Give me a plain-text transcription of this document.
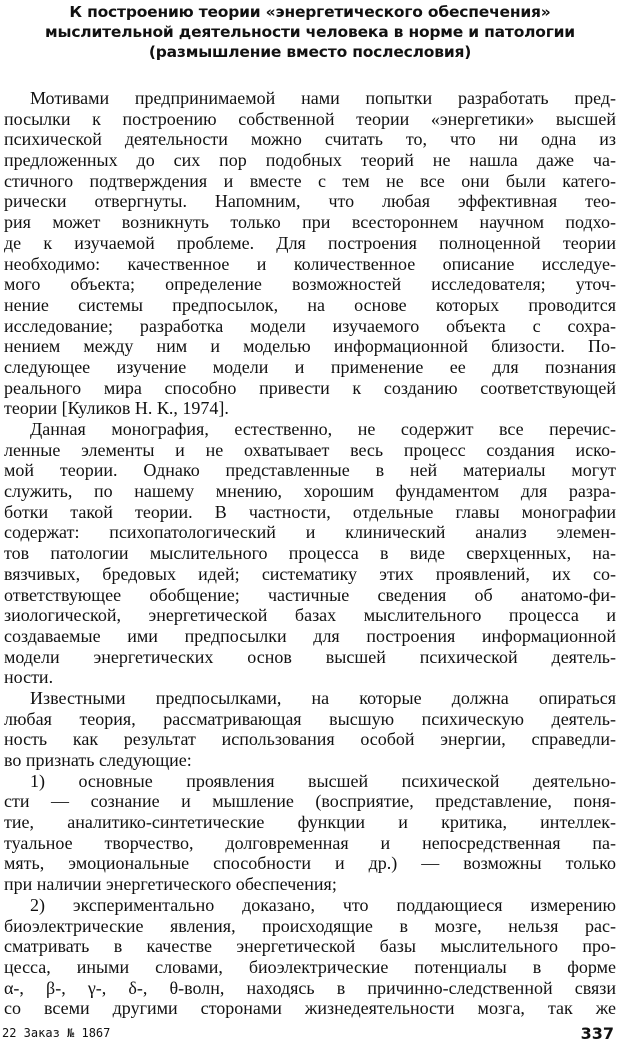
К построению теории «энергетического обеспечения»
мыслительной деятельности человека в норме и патологии
(размышление вместо послесловия)
Мотивами предпринимаемой нами попытки разработать пред-
посылки к построению собственной теории «энергетики» высшей
психической деятельности можно считать то, что ни одна из
предложенных до сих пор подобных теорий не нашла даже ча-
стичного подтверждения и вместе с тем не все они были катего-
рически отвергнуты. Напомним, что любая эффективная тео-
рия может возникнуть только при всестороннем научном подхо-
де к изучаемой проблеме. Для построения полноценной теории
необходимо: качественное и количественное описание исследуе-
мого объекта; определение возможностей исследователя; уточ-
нение системы предпосылок, на основе которых проводится
исследование; разработка модели изучаемого объекта с сохра-
нением между ним и моделью информационной близости. По-
следующее изучение модели и применение ее для познания
реального мира способно привести к созданию соответствующей
теории [Куликов Н. К., 1974].
Данная монография, естественно, не содержит все перечис-
ленные элементы и не охватывает весь процесс создания иско-
мой теории. Однако представленные в ней материалы могут
служить, по нашему мнению, хорошим фундаментом для разра-
ботки такой теории. В частности, отдельные главы монографии
содержат: психопатологический и клинический анализ элемен-
тов патологии мыслительного процесса в виде сверхценных, на-
вязчивых, бредовых идей; систематику этих проявлений, их со-
ответствующее обобщение; частичные сведения об анатомо-фи-
зиологической, энергетической базах мыслительного процесса и
создаваемые ими предпосылки для построения информационной
модели энергетических основ высшей психической деятель-
ности.
Известными предпосылками, на которые должна опираться
любая теория, рассматривающая высшую психическую деятель-
ность как результат использования особой энергии, справедли-
во признать следующие:
1) основные проявления высшей психической деятельно-
сти — сознание и мышление (восприятие, представление, поня-
тие, аналитико-синтетические функции и критика, интеллек-
туальное творчество, долговременная и непосредственная па-
мять, эмоциональные способности и др.) — возможны только
при наличии энергетического обеспечения;
2) экспериментально доказано, что поддающиеся измерению
биоэлектрические явления, происходящие в мозге, нельзя рас-
сматривать в качестве энергетической базы мыслительного про-
цесса, иными словами, биоэлектрические потенциалы в форме
α-, β-, γ-, δ-, θ-волн, находясь в причинно-следственной связи
со всеми другими сторонами жизнедеятельности мозга, так же
22 Заказ № 1867	337
